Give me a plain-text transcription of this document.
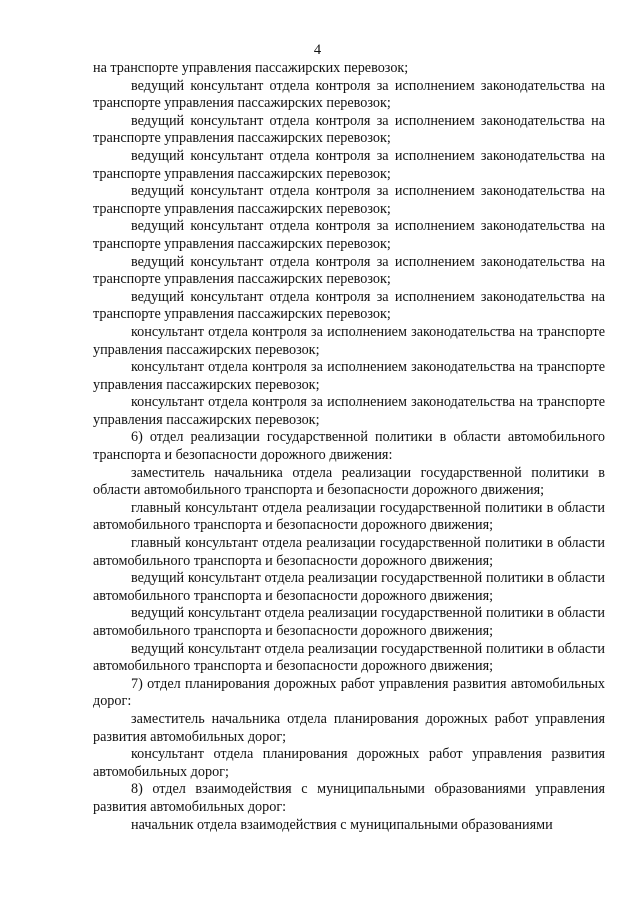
4

на транспорте управления пассажирских перевозок;

ведущий консультант отдела контроля за исполнением законодательства на транспорте управления пассажирских перевозок;

ведущий консультант отдела контроля за исполнением законодательства на транспорте управления пассажирских перевозок;

ведущий консультант отдела контроля за исполнением законодательства на транспорте управления пассажирских перевозок;

ведущий консультант отдела контроля за исполнением законодательства на транспорте управления пассажирских перевозок;

ведущий консультант отдела контроля за исполнением законодательства на транспорте управления пассажирских перевозок;

ведущий консультант отдела контроля за исполнением законодательства на транспорте управления пассажирских перевозок;

ведущий консультант отдела контроля за исполнением законодательства на транспорте управления пассажирских перевозок;

консультант отдела контроля за исполнением законодательства на транспорте управления пассажирских перевозок;

консультант отдела контроля за исполнением законодательства на транспорте управления пассажирских перевозок;

консультант отдела контроля за исполнением законодательства на транспорте управления пассажирских перевозок;

6) отдел реализации государственной политики в области автомобильного транспорта и безопасности дорожного движения:

заместитель начальника отдела реализации государственной политики в области автомобильного транспорта и безопасности дорожного движения;

главный консультант отдела реализации государственной политики в области автомобильного транспорта и безопасности дорожного движения;

главный консультант отдела реализации государственной политики в области автомобильного транспорта и безопасности дорожного движения;

ведущий консультант отдела реализации государственной политики в области автомобильного транспорта и безопасности дорожного движения;

ведущий консультант отдела реализации государственной политики в области автомобильного транспорта и безопасности дорожного движения;

ведущий консультант отдела реализации государственной политики в области автомобильного транспорта и безопасности дорожного движения;

7) отдел планирования дорожных работ управления развития автомобильных дорог:

заместитель начальника отдела планирования дорожных работ управления развития автомобильных дорог;

консультант отдела планирования дорожных работ управления развития автомобильных дорог;

8) отдел взаимодействия с муниципальными образованиями управления развития автомобильных дорог:

начальник отдела взаимодействия с муниципальными образованиями
